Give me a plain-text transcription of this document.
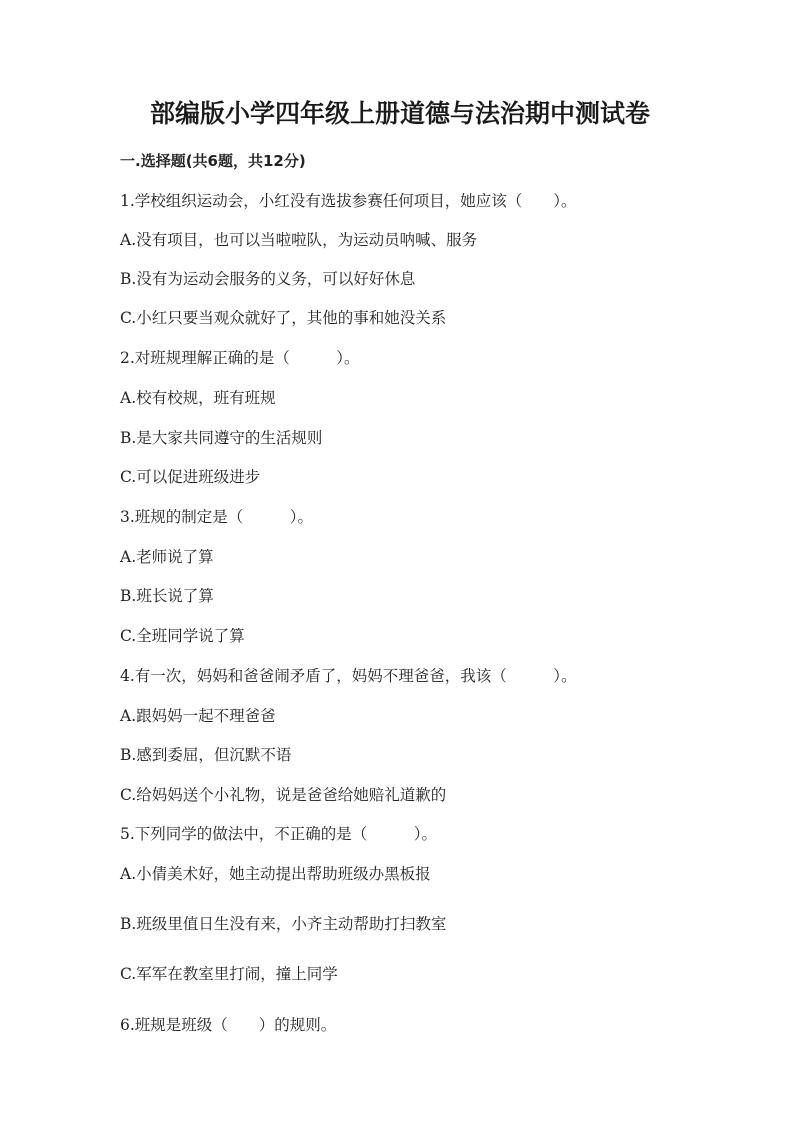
部编版小学四年级上册道德与法治期中测试卷
一.选择题(共6题，共12分)
1.学校组织运动会，小红没有选拔参赛任何项目，她应该（　　）。
A.没有项目，也可以当啦啦队，为运动员呐喊、服务
B.没有为运动会服务的义务，可以好好休息
C.小红只要当观众就好了，其他的事和她没关系
2.对班规理解正确的是（　　　）。
A.校有校规，班有班规
B.是大家共同遵守的生活规则
C.可以促进班级进步
3.班规的制定是（　　　）。
A.老师说了算
B.班长说了算
C.全班同学说了算
4.有一次，妈妈和爸爸闹矛盾了，妈妈不理爸爸，我该（　　　）。
A.跟妈妈一起不理爸爸
B.感到委屈，但沉默不语
C.给妈妈送个小礼物，说是爸爸给她赔礼道歉的
5.下列同学的做法中，不正确的是（　　　）。
A.小倩美术好，她主动提出帮助班级办黑板报
B.班级里值日生没有来，小齐主动帮助打扫教室
C.军军在教室里打闹，撞上同学
6.班规是班级（　　）的规则。
